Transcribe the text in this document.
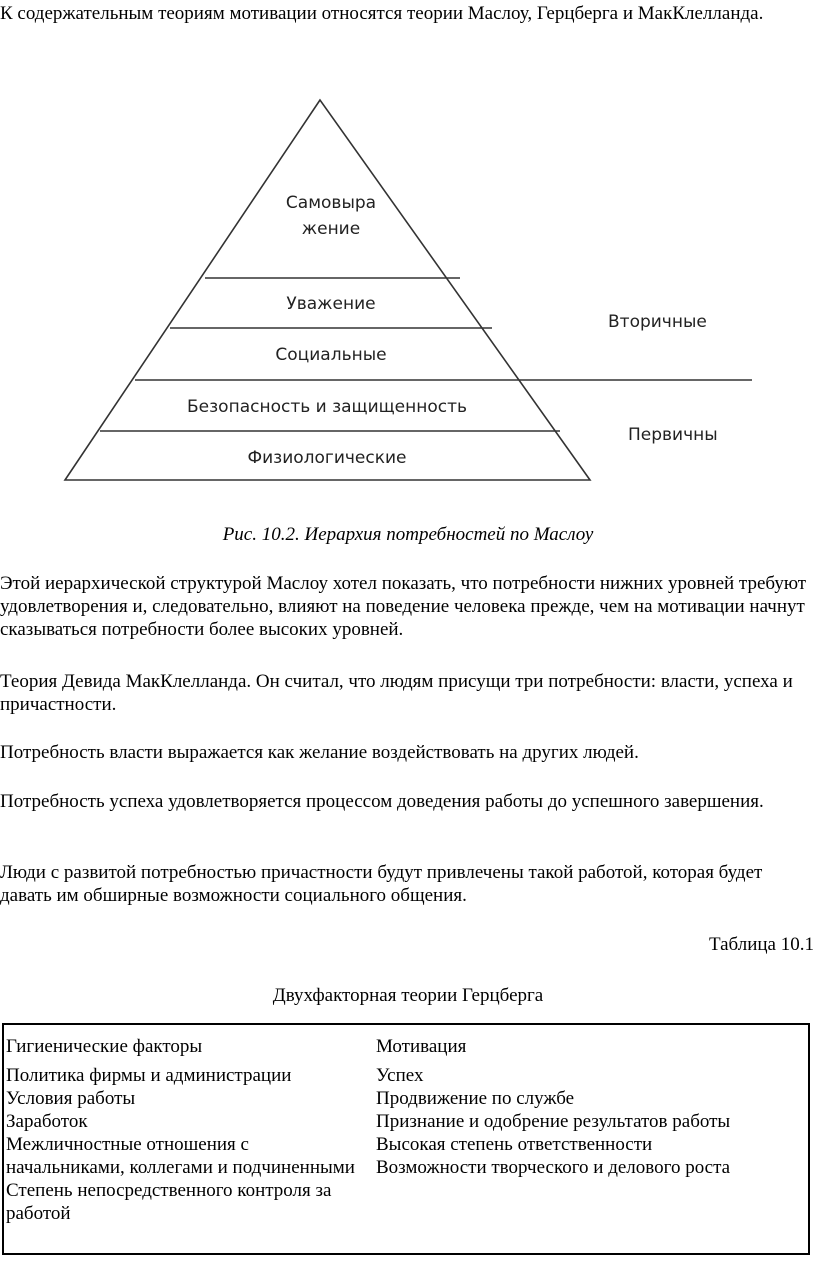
К содержательным теориям мотивации относятся теории Маслоу, Герцберга и МакКлелланда.

Самовыра
жение
Уважение
Социальные
Безопасность и защищенность
Физиологические
Вторичные
Первичны
Рис. 10.2. Иерархия потребностей по Маслоу

Этой иерархической структурой Маслоу хотел показать, что потребности нижних уровней требуют удовлетворения и, следовательно, влияют на поведение человека прежде, чем на мотивации начнут сказываться потребности более высоких уровней.

Теория Девида МакКлелланда. Он считал, что людям присущи три потребности: власти, успеха и причастности.

Потребность власти выражается как желание воздействовать на других людей.

Потребность успеха удовлетворяется процессом доведения работы до успешного завершения.

Люди с развитой потребностью причастности будут привлечены такой работой, которая будет давать им обширные возможности социального общения.

Таблица 10.1
Двухфакторная теории Герцберга
Гигиенические факторы
Политика фирмы и администрации
Условия работы
Заработок
Межличностные отношения с начальниками, коллегами и подчиненными
Степень непосредственного контроля за работой
Мотивация
Успех
Продвижение по службе
Признание и одобрение результатов работы
Высокая степень ответственности
Возможности творческого и делового роста
